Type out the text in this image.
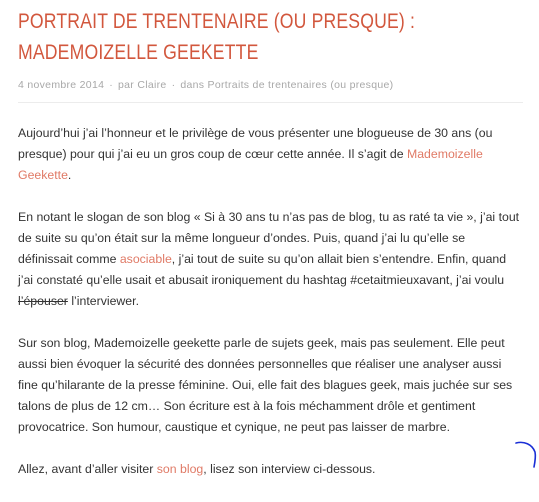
PORTRAIT DE TRENTENAIRE (OU PRESQUE) :
MADEMOIZELLE GEEKETTE
4 novembre 2014 · par Claire · dans Portraits de trentenaires (ou presque)

Aujourd’hui j’ai l’honneur et le privilège de vous présenter une blogueuse de 30 ans (ou presque) pour qui j’ai eu un gros coup de cœur cette année. Il s’agit de Mademoizelle Geekette.

En notant le slogan de son blog « Si à 30 ans tu n’as pas de blog, tu as raté ta vie », j’ai tout de suite su qu’on était sur la même longueur d’ondes. Puis, quand j’ai lu qu’elle se définissait comme asociable, j’ai tout de suite su qu’on allait bien s’entendre. Enfin, quand j’ai constaté qu’elle usait et abusait ironiquement du hashtag #cetaitmieuxavant, j’ai voulu l’épouser l’interviewer.

Sur son blog, Mademoizelle geekette parle de sujets geek, mais pas seulement. Elle peut aussi bien évoquer la sécurité des données personnelles que réaliser une analyser aussi fine qu’hilarante de la presse féminine. Oui, elle fait des blagues geek, mais juchée sur ses talons de plus de 12 cm… Son écriture est à la fois méchamment drôle et gentiment provocatrice. Son humour, caustique et cynique, ne peut pas laisser de marbre.

Allez, avant d’aller visiter son blog, lisez son interview ci-dessous.
